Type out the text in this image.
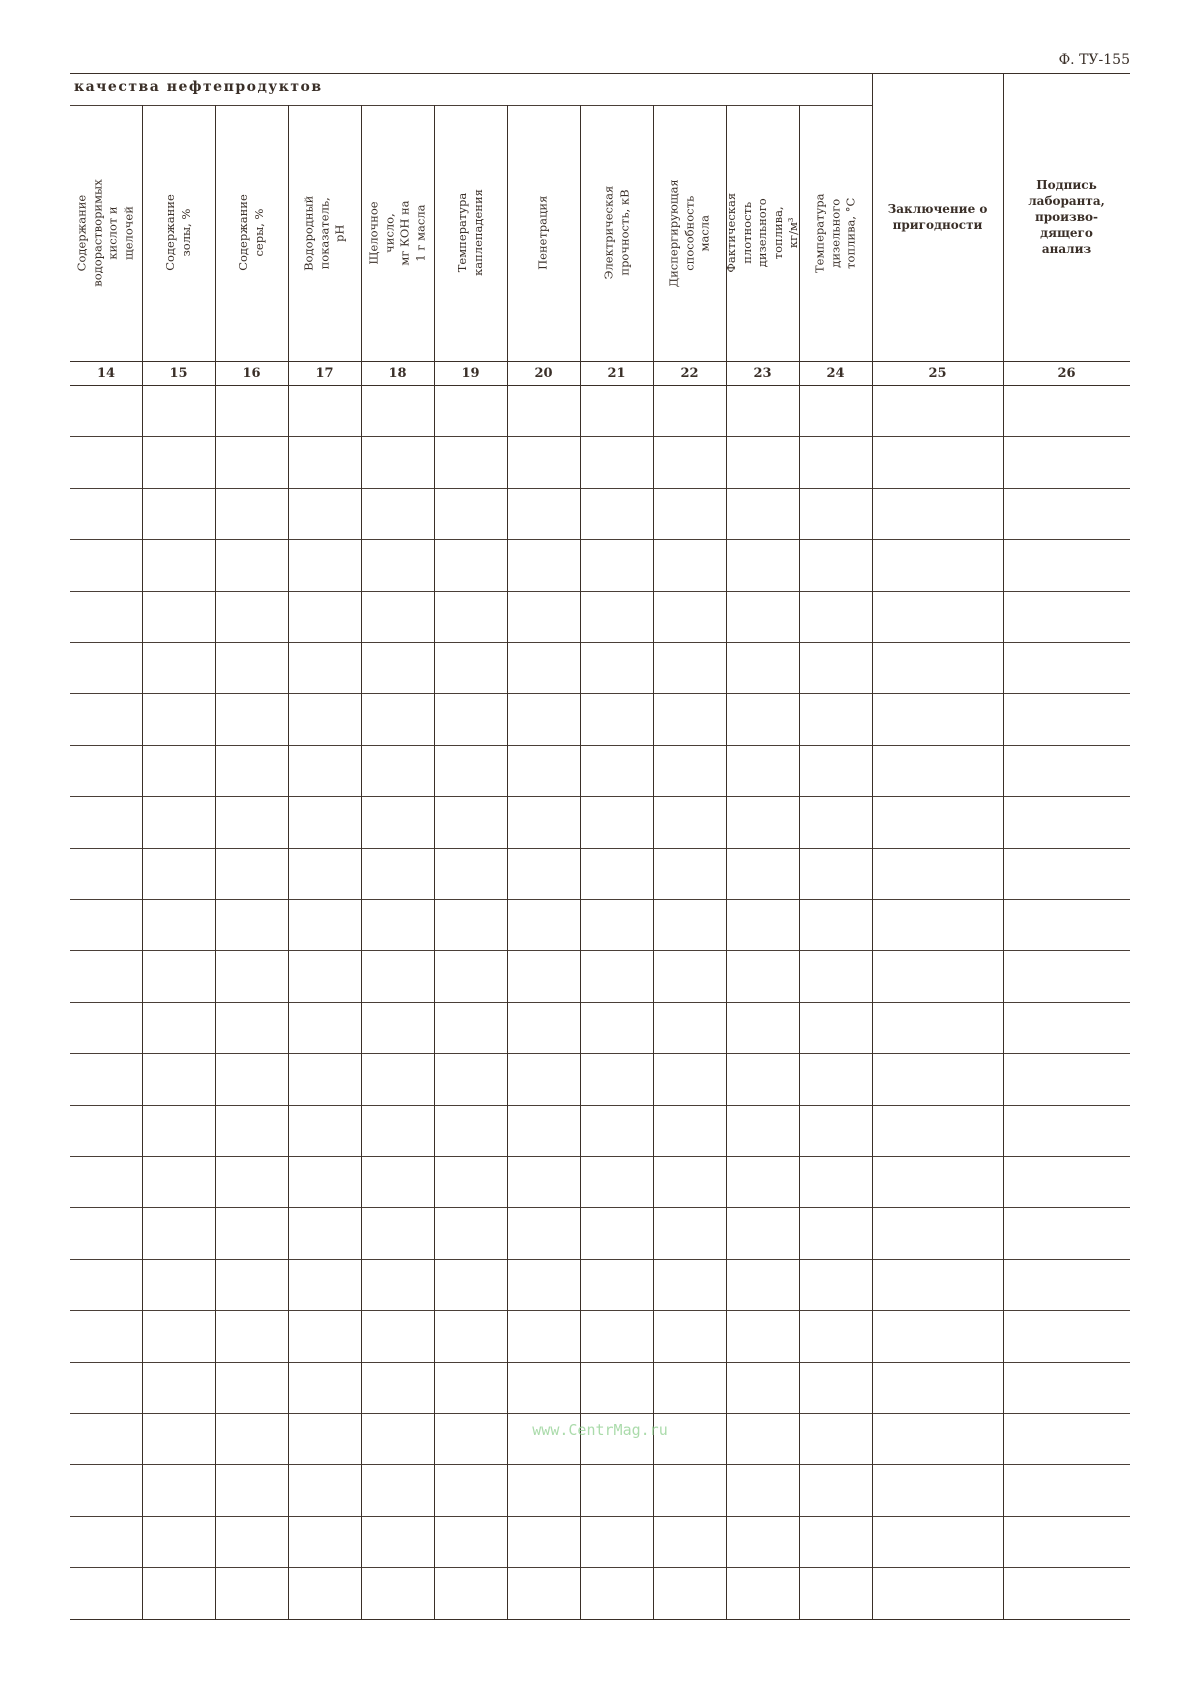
Ф. ТУ-155
качества нефтепродуктов
Содержание водорастворимых
кислот и щелочей
14
Содержание золы, %
15
Содержание серы, %
16
Водородный показатель, pH
17
Щелочное число,
мг КОН на 1 г масла
18
Температура
каплепадения
19
Пенетрация
20
Электрическая
прочность, кВ
21
Диспергирующая
способность масла
22
Фактическая плотность
дизельного топлива,
кг/м³
23
Температура дизельного
топлива, °С
24
Заключение о
пригодности
25
Подпись
лаборанта,
произво-
дящего
анализ
26
www.CentrMag.ru
